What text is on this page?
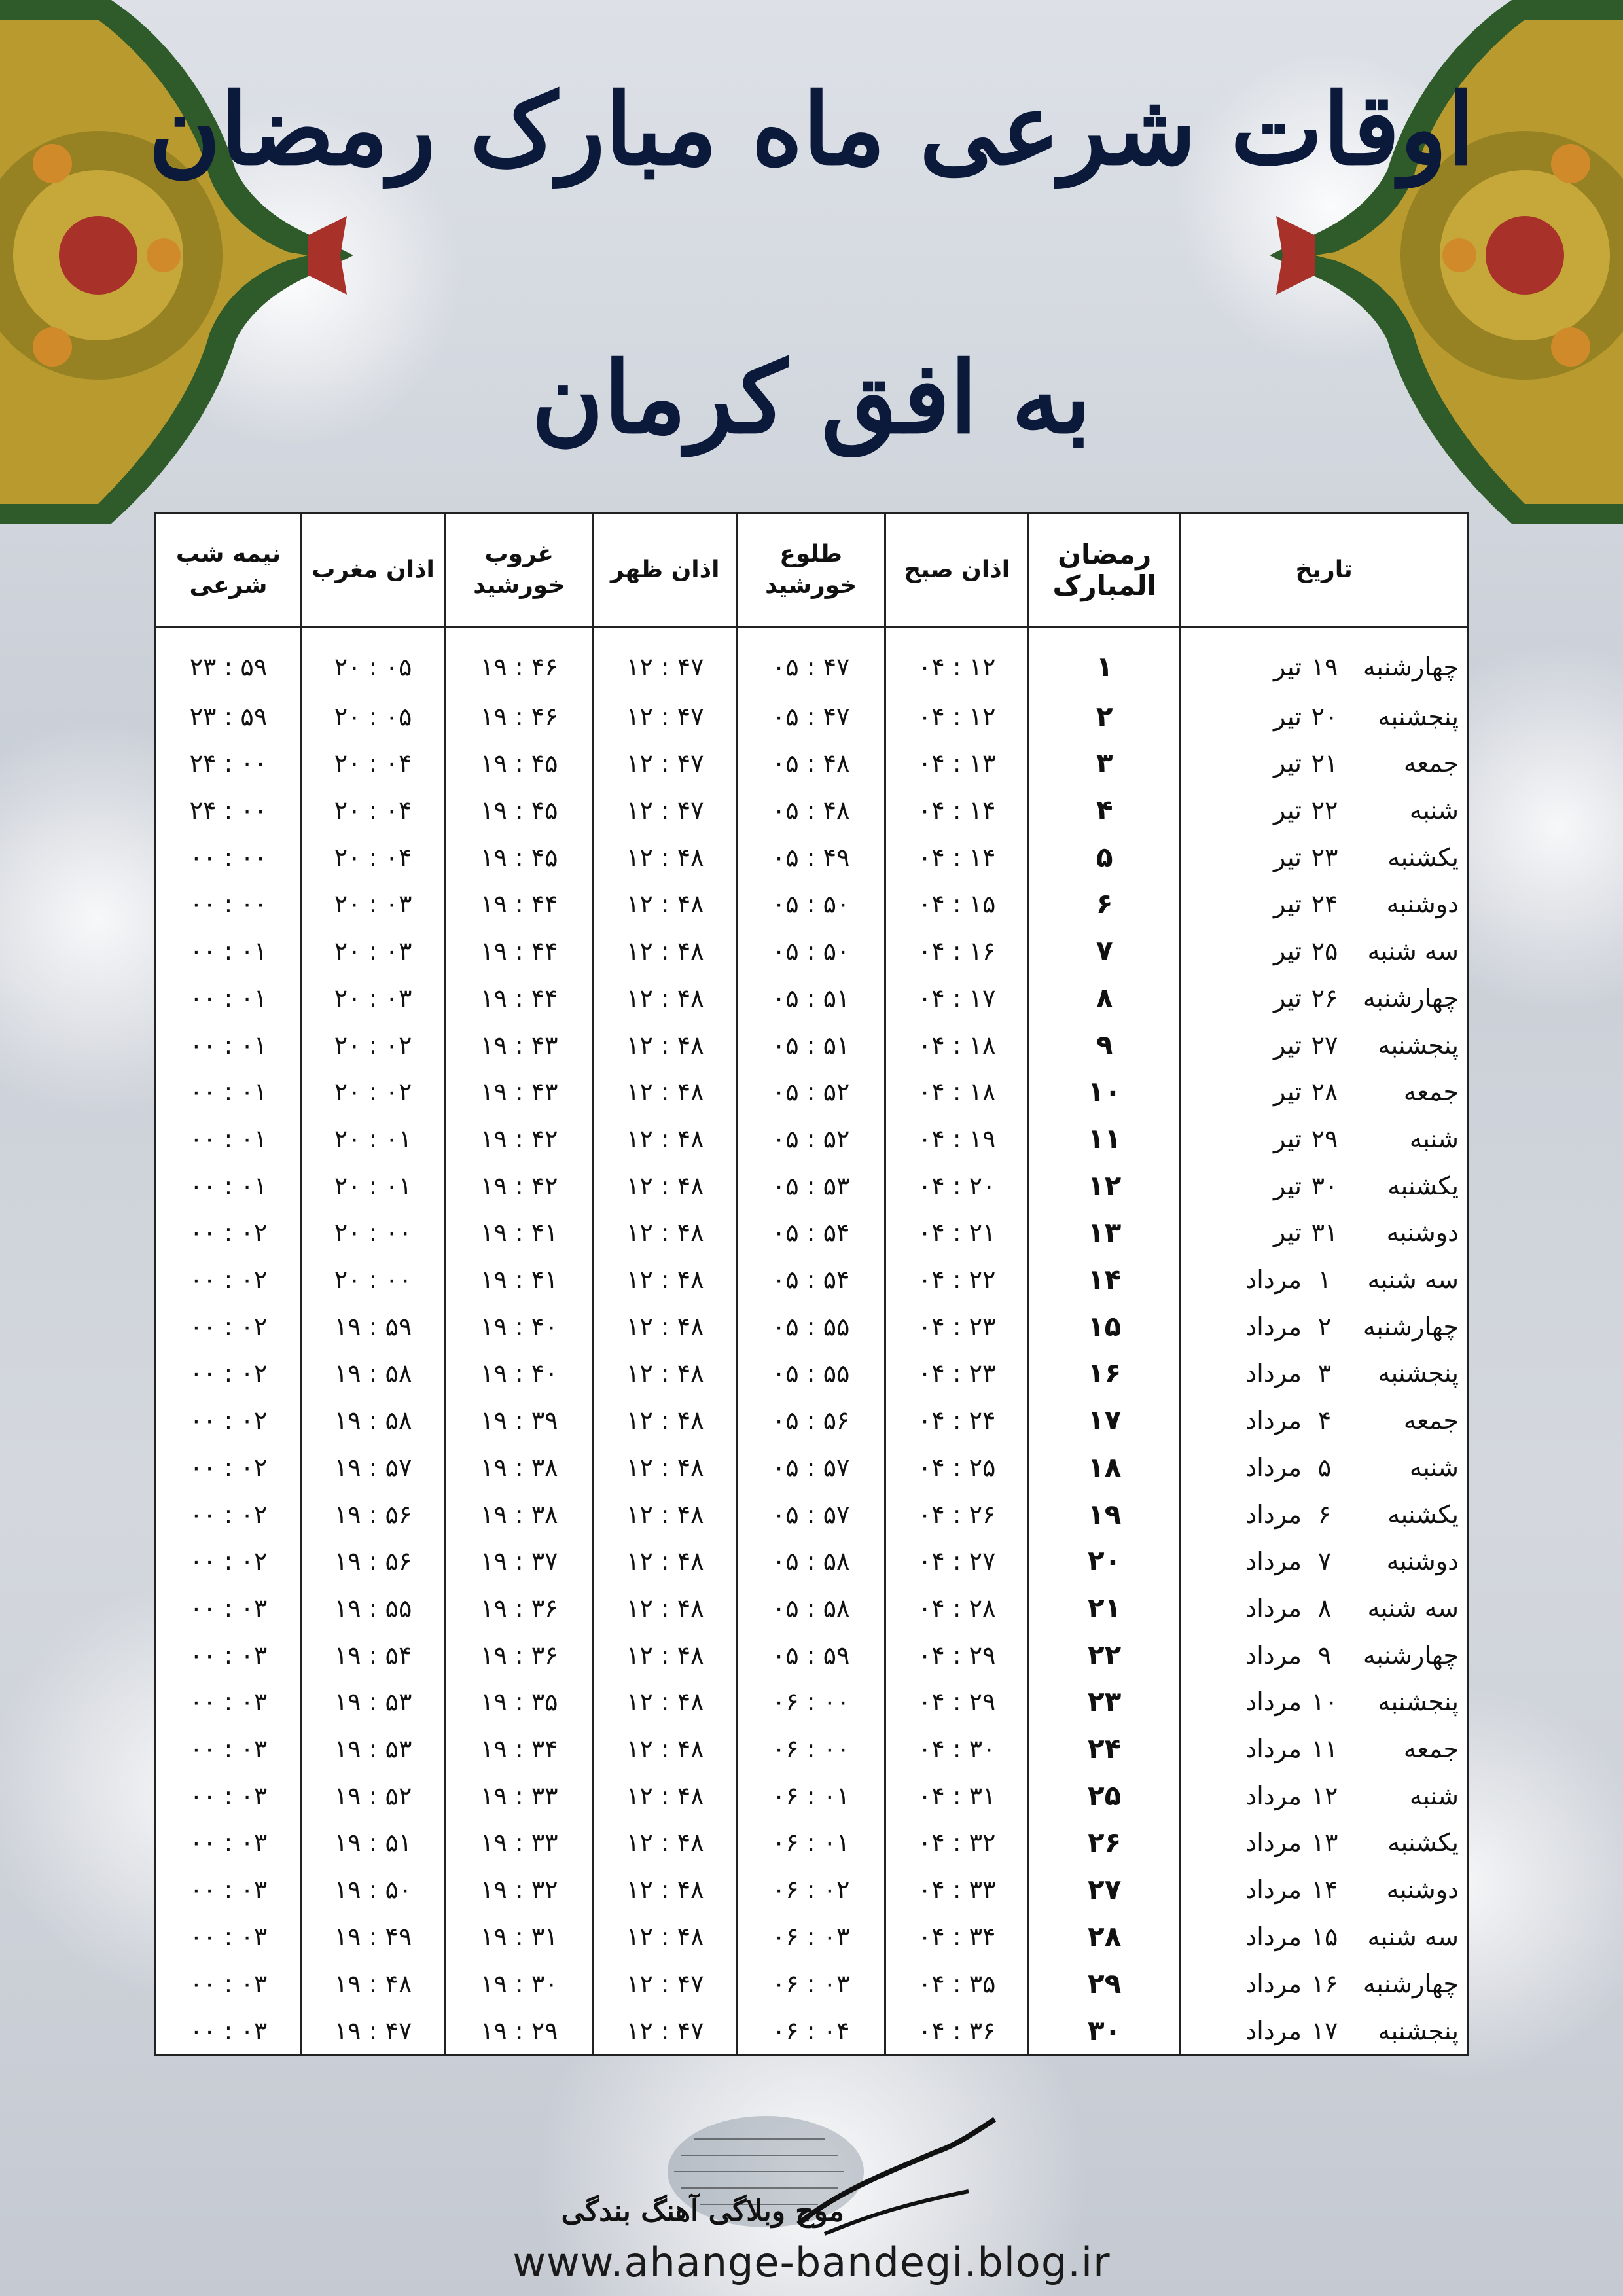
اوقات شرعی ماه مبارک رمضان
به افق کرمان
تاریخ	رمضان المبارک	اذان صبح	طلوع خورشید	اذان ظهر	غروب خورشید	اذان مغرب	نیمه شب شرعی
چهارشنبه۱۹تیر	۱	۰۴ : ۱۲	۰۵ : ۴۷	۱۲ : ۴۷	۱۹ : ۴۶	۲۰ : ۰۵	۲۳ : ۵۹
پنجشنبه۲۰تیر	۲	۰۴ : ۱۲	۰۵ : ۴۷	۱۲ : ۴۷	۱۹ : ۴۶	۲۰ : ۰۵	۲۳ : ۵۹
جمعه۲۱تیر	۳	۰۴ : ۱۳	۰۵ : ۴۸	۱۲ : ۴۷	۱۹ : ۴۵	۲۰ : ۰۴	۲۴ : ۰۰
شنبه۲۲تیر	۴	۰۴ : ۱۴	۰۵ : ۴۸	۱۲ : ۴۷	۱۹ : ۴۵	۲۰ : ۰۴	۲۴ : ۰۰
یکشنبه۲۳تیر	۵	۰۴ : ۱۴	۰۵ : ۴۹	۱۲ : ۴۸	۱۹ : ۴۵	۲۰ : ۰۴	۰۰ : ۰۰
دوشنبه۲۴تیر	۶	۰۴ : ۱۵	۰۵ : ۵۰	۱۲ : ۴۸	۱۹ : ۴۴	۲۰ : ۰۳	۰۰ : ۰۰
سه شنبه۲۵تیر	۷	۰۴ : ۱۶	۰۵ : ۵۰	۱۲ : ۴۸	۱۹ : ۴۴	۲۰ : ۰۳	۰۰ : ۰۱
چهارشنبه۲۶تیر	۸	۰۴ : ۱۷	۰۵ : ۵۱	۱۲ : ۴۸	۱۹ : ۴۴	۲۰ : ۰۳	۰۰ : ۰۱
پنجشنبه۲۷تیر	۹	۰۴ : ۱۸	۰۵ : ۵۱	۱۲ : ۴۸	۱۹ : ۴۳	۲۰ : ۰۲	۰۰ : ۰۱
جمعه۲۸تیر	۱۰	۰۴ : ۱۸	۰۵ : ۵۲	۱۲ : ۴۸	۱۹ : ۴۳	۲۰ : ۰۲	۰۰ : ۰۱
شنبه۲۹تیر	۱۱	۰۴ : ۱۹	۰۵ : ۵۲	۱۲ : ۴۸	۱۹ : ۴۲	۲۰ : ۰۱	۰۰ : ۰۱
یکشنبه۳۰تیر	۱۲	۰۴ : ۲۰	۰۵ : ۵۳	۱۲ : ۴۸	۱۹ : ۴۲	۲۰ : ۰۱	۰۰ : ۰۱
دوشنبه۳۱تیر	۱۳	۰۴ : ۲۱	۰۵ : ۵۴	۱۲ : ۴۸	۱۹ : ۴۱	۲۰ : ۰۰	۰۰ : ۰۲
سه شنبه۱مرداد	۱۴	۰۴ : ۲۲	۰۵ : ۵۴	۱۲ : ۴۸	۱۹ : ۴۱	۲۰ : ۰۰	۰۰ : ۰۲
چهارشنبه۲مرداد	۱۵	۰۴ : ۲۳	۰۵ : ۵۵	۱۲ : ۴۸	۱۹ : ۴۰	۱۹ : ۵۹	۰۰ : ۰۲
پنجشنبه۳مرداد	۱۶	۰۴ : ۲۳	۰۵ : ۵۵	۱۲ : ۴۸	۱۹ : ۴۰	۱۹ : ۵۸	۰۰ : ۰۲
جمعه۴مرداد	۱۷	۰۴ : ۲۴	۰۵ : ۵۶	۱۲ : ۴۸	۱۹ : ۳۹	۱۹ : ۵۸	۰۰ : ۰۲
شنبه۵مرداد	۱۸	۰۴ : ۲۵	۰۵ : ۵۷	۱۲ : ۴۸	۱۹ : ۳۸	۱۹ : ۵۷	۰۰ : ۰۲
یکشنبه۶مرداد	۱۹	۰۴ : ۲۶	۰۵ : ۵۷	۱۲ : ۴۸	۱۹ : ۳۸	۱۹ : ۵۶	۰۰ : ۰۲
دوشنبه۷مرداد	۲۰	۰۴ : ۲۷	۰۵ : ۵۸	۱۲ : ۴۸	۱۹ : ۳۷	۱۹ : ۵۶	۰۰ : ۰۲
سه شنبه۸مرداد	۲۱	۰۴ : ۲۸	۰۵ : ۵۸	۱۲ : ۴۸	۱۹ : ۳۶	۱۹ : ۵۵	۰۰ : ۰۳
چهارشنبه۹مرداد	۲۲	۰۴ : ۲۹	۰۵ : ۵۹	۱۲ : ۴۸	۱۹ : ۳۶	۱۹ : ۵۴	۰۰ : ۰۳
پنجشنبه۱۰مرداد	۲۳	۰۴ : ۲۹	۰۶ : ۰۰	۱۲ : ۴۸	۱۹ : ۳۵	۱۹ : ۵۳	۰۰ : ۰۳
جمعه۱۱مرداد	۲۴	۰۴ : ۳۰	۰۶ : ۰۰	۱۲ : ۴۸	۱۹ : ۳۴	۱۹ : ۵۳	۰۰ : ۰۳
شنبه۱۲مرداد	۲۵	۰۴ : ۳۱	۰۶ : ۰۱	۱۲ : ۴۸	۱۹ : ۳۳	۱۹ : ۵۲	۰۰ : ۰۳
یکشنبه۱۳مرداد	۲۶	۰۴ : ۳۲	۰۶ : ۰۱	۱۲ : ۴۸	۱۹ : ۳۳	۱۹ : ۵۱	۰۰ : ۰۳
دوشنبه۱۴مرداد	۲۷	۰۴ : ۳۳	۰۶ : ۰۲	۱۲ : ۴۸	۱۹ : ۳۲	۱۹ : ۵۰	۰۰ : ۰۳
سه شنبه۱۵مرداد	۲۸	۰۴ : ۳۴	۰۶ : ۰۳	۱۲ : ۴۸	۱۹ : ۳۱	۱۹ : ۴۹	۰۰ : ۰۳
چهارشنبه۱۶مرداد	۲۹	۰۴ : ۳۵	۰۶ : ۰۳	۱۲ : ۴۷	۱۹ : ۳۰	۱۹ : ۴۸	۰۰ : ۰۳
پنجشنبه۱۷مرداد	۳۰	۰۴ : ۳۶	۰۶ : ۰۴	۱۲ : ۴۷	۱۹ : ۲۹	۱۹ : ۴۷	۰۰ : ۰۳
موج وبلاگی آهنگ بندگی
www.ahange-bandegi.blog.ir
